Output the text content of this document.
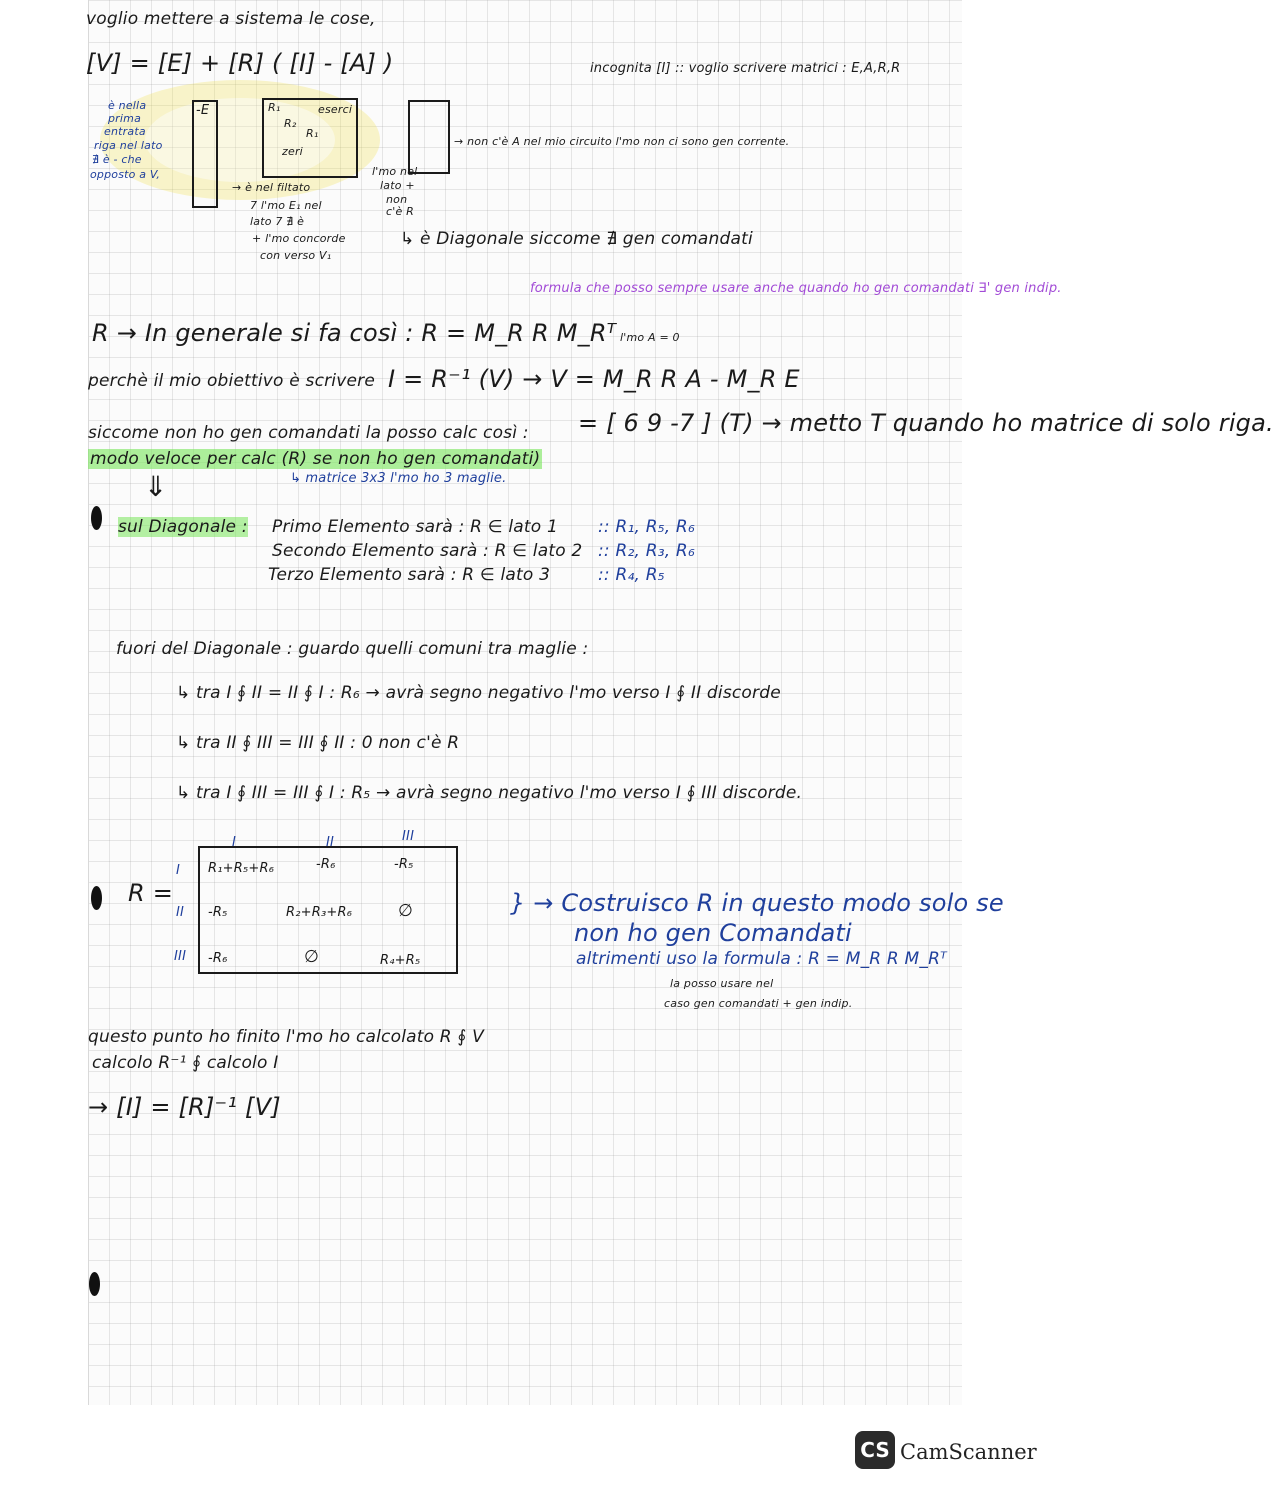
voglio mettere a sistema le cose,
[V] = [E] + [R] ( [I] - [A] )	incognita [I] :: voglio scrivere matrici : E,A,R,R
è nella
prima
entrata
riga nel lato
∄ è - che
opposto a V,
-E	R₁
R₂
R₁
eserci
zeri
→ non c'è A nel mio circuito l'mo non ci sono gen corrente.
→ è nel filtato
7 l'mo E₁ nel
lato 7 ∄ è
+ l'mo concorde
con verso V₁
l'mo nel
lato +
non
c'è R
↳ è Diagonale siccome ∄ gen comandati
formula che posso sempre usare anche quando ho gen comandati ∃' gen indip.
R → In generale si fa così : R = M_R R M_Rᵀ
perchè il mio obiettivo è scrivere I = R⁻¹ (V) → V = M_R R A - M_R E
l'mo A = 0
= [ 6 9 -7 ] (T) → metto T quando ho matrice di solo riga.
siccome non ho gen comandati la posso calc così :
modo veloce per calc (R) se non ho gen comandati)
↳ matrice 3x3 l'mo ho 3 maglie.
⇓
sul Diagonale : Primo Elemento sarà : R ∈ lato 1
Secondo Elemento sarà : R ∈ lato 2
Terzo Elemento sarà : R ∈ lato 3
:: R₁, R₅, R₆
:: R₂, R₃, R₆
:: R₄, R₅
fuori del Diagonale : guardo quelli comuni tra maglie :
↳ tra I ∮ II = II ∮ I : R₆ → avrà segno negativo l'mo verso I ∮ II discorde
↳ tra II ∮ III = III ∮ II : 0 non c'è R
↳ tra I ∮ III = III ∮ I : R₅ → avrà segno negativo l'mo verso I ∮ III discorde.
R =
I	II	III
I
II
III
R₁+R₅+R₆	-R₆	-R₅
-R₅	R₂+R₃+R₆	∅
-R₆	∅	R₄+R₅
} → Costruisco R in questo modo solo se
non ho gen Comandati
altrimenti uso la formula : R = M_R R M_Rᵀ
la posso usare nel
caso gen comandati + gen indip.
questo punto ho finito l'mo ho calcolato R ∮ V
calcolo R⁻¹ ∮ calcolo I
→ [I] = [R]⁻¹ [V]
CS CamScanner
